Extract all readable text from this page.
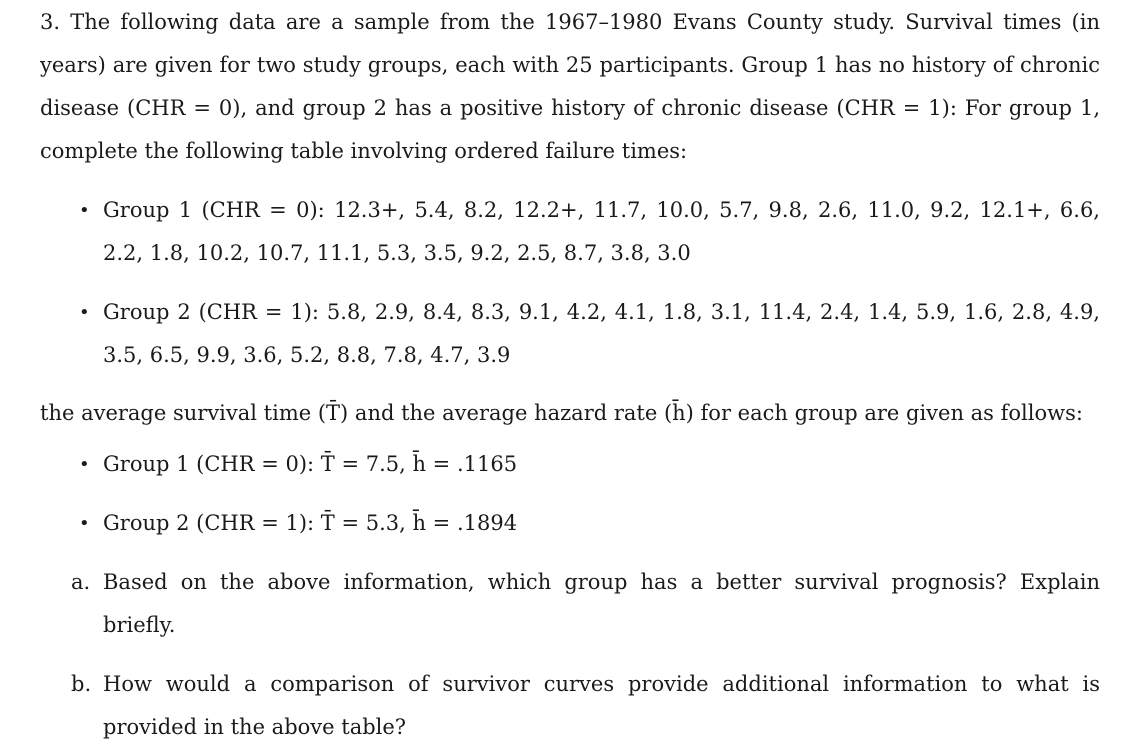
3. The following data are a sample from the 1967–1980 Evans County study. Survival times (in years) are given for two study groups, each with 25 participants. Group 1 has no history of chronic disease (CHR = 0), and group 2 has a positive history of chronic disease (CHR = 1): For group 1, complete the following table involving ordered failure times:

• Group 1 (CHR = 0): 12.3+, 5.4, 8.2, 12.2+, 11.7, 10.0, 5.7, 9.8, 2.6, 11.0, 9.2, 12.1+, 6.6, 2.2, 1.8, 10.2, 10.7, 11.1, 5.3, 3.5, 9.2, 2.5, 8.7, 3.8, 3.0
• Group 2 (CHR = 1): 5.8, 2.9, 8.4, 8.3, 9.1, 4.2, 4.1, 1.8, 3.1, 11.4, 2.4, 1.4, 5.9, 1.6, 2.8, 4.9, 3.5, 6.5, 9.9, 3.6, 5.2, 8.8, 7.8, 4.7, 3.9

the average survival time (T̄) and the average hazard rate (h̄) for each group are given as follows:

• Group 1 (CHR = 0): T̄ = 7.5, h̄ = .1165
• Group 2 (CHR = 1): T̄ = 5.3, h̄ = .1894
a. Based on the above information, which group has a better survival prognosis? Explain briefly.
b. How would a comparison of survivor curves provide additional information to what is provided in the above table?
